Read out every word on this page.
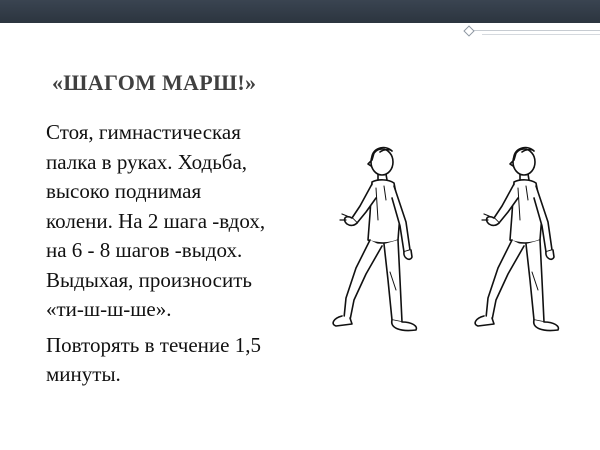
«ШАГОМ МАРШ!»
Стоя, гимнастическая
палка в руках. Ходьба,
высоко поднимая
колени. На 2 шага -вдох,
на 6 - 8 шагов -выдох.
Выдыхая, произносить
«ти-ш-ш-ше».
Повторять в течение 1,5
минуты.
